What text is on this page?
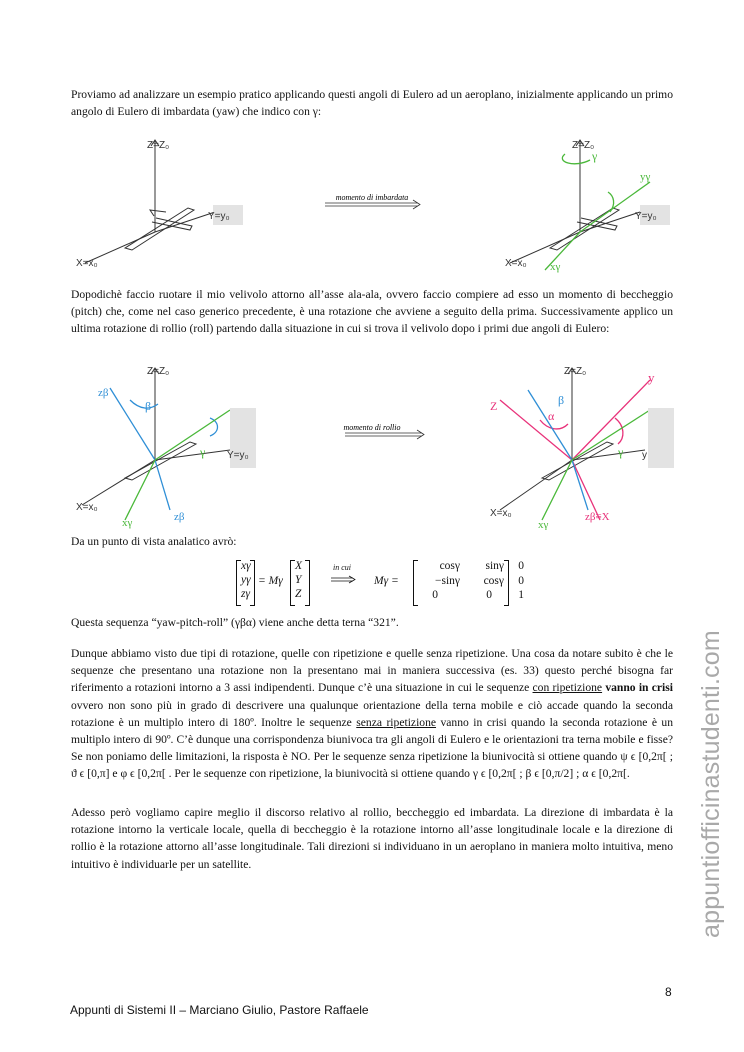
Proviamo ad analizzare un esempio pratico applicando questi angoli di Eulero ad un aeroplano, inizialmente applicando un primo angolo di Eulero di imbardata (yaw) che indico con γ:

Z=Z₀
Y=y₀
X=x₀
momento di imbardata
Z=Z₀
Y=y₀
X=x₀
γ
yγ
xγ

Dopodichè faccio ruotare il mio velivolo attorno all’asse ala-ala, ovvero faccio compiere ad esso un momento di beccheggio (pitch) che, come nel caso generico precedente, è una rotazione che avviene a seguito della prima. Successivamente applico un ultima rotazione di rollio (roll) partendo dalla situazione in cui si trova il velivolo dopo i primi due angoli di Eulero:

Z=Z₀
Y=y₀
X=x₀
zβ
β
γ
xγ	zβ
momento di rollio
Z=Z₀
y
X=x₀
α
β
γ
y
Z
zβ≡X
xγ

Da un punto di vista analatico avrò:

xγ
yγ
zγ
= Mγ
X
Y
Z
in cui
Mγ =
cosγ	sinγ	0
−sinγ	cosγ	0
0	0	1

Questa sequenza “yaw-pitch-roll” (γβα) viene anche detta terna “321”.

Dunque abbiamo visto due tipi di rotazione, quelle con ripetizione e quelle senza ripetizione. Una cosa da notare subito è che le sequenze che presentano una rotazione non la presentano mai in maniera successiva (es. 33) questo perché bisogna far riferimento a rotazioni intorno a 3 assi indipendenti. Dunque c’è una situazione in cui le sequenze con ripetizione vanno in crisi ovvero non sono più in grado di descrivere una qualunque orientazione della terna mobile e ciò accade quando la seconda rotazione è un multiplo intero di 180º. Inoltre le sequenze senza ripetizione vanno in crisi quando la seconda rotazione è un multiplo intero di 90º. C’è dunque una corrispondenza biunivoca tra gli angoli di Eulero e le orientazioni tra terna mobile e fisse? Se non poniamo delle limitazioni, la risposta è NO. Per le sequenze senza ripetizione la biunivocità si ottiene quando ψ ϵ [0,2π[ ; ϑ ϵ [0,π] e φ ϵ [0,2π[ . Per le sequenze con ripetizione, la biunivocità si ottiene quando γ ϵ [0,2π[ ; β ϵ [0,π/2] ; α ϵ [0,2π[.

Adesso però vogliamo capire meglio il discorso relativo al rollio, beccheggio ed imbardata. La direzione di imbardata è la rotazione intorno la verticale locale, quella di beccheggio è la rotazione intorno all’asse longitudinale locale e la direzione di rollio è la rotazione attorno all’asse longitudinale. Tali direzioni si individuano in un aeroplano in maniera molto intuitiva, meno intuitivo è individuarle per un satellite.	appuntiofficinastudenti.com
8
Appunti di Sistemi II – Marciano Giulio, Pastore Raffaele
